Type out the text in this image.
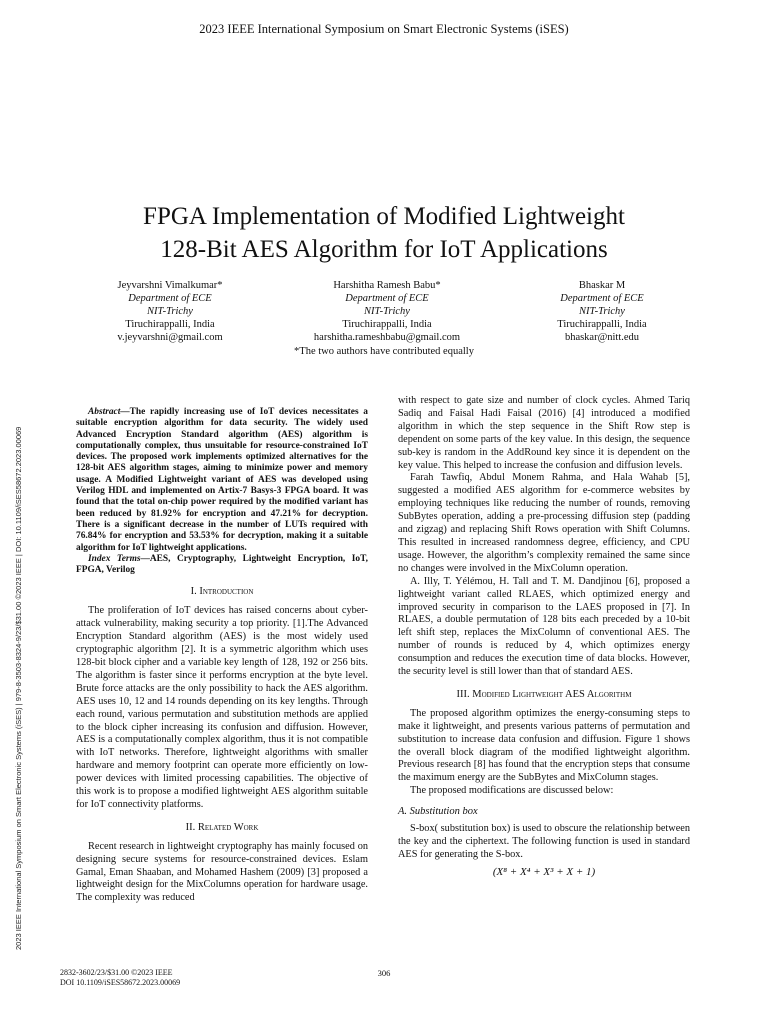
2023 IEEE International Symposium on Smart Electronic Systems (iSES)
FPGA Implementation of Modified Lightweight
128-Bit AES Algorithm for IoT Applications
Jeyvarshni Vimalkumar*
Department of ECE
NIT-Trichy
Tiruchirappalli, India
v.jeyvarshni@gmail.com
Harshitha Ramesh Babu*
Department of ECE
NIT-Trichy
Tiruchirappalli, India
harshitha.rameshbabu@gmail.com
Bhaskar M
Department of ECE
NIT-Trichy
Tiruchirappalli, India
bhaskar@nitt.edu
*The two authors have contributed equally
2023 IEEE International Symposium on Smart Electronic Systems (iSES) | 979-8-3503-8324-9/23/$31.00 ©2023 IEEE | DOI: 10.1109/iSES58672.2023.00069

Abstract—The rapidly increasing use of IoT devices necessitates a suitable encryption algorithm for data security. The widely used Advanced Encryption Standard algorithm (AES) algorithm is computationally complex, thus unsuitable for resource-constrained IoT devices. The proposed work implements optimized alternatives for the 128-bit AES algorithm stages, aiming to minimize power and memory usage. A Modified Lightweight variant of AES was developed using Verilog HDL and implemented on Artix-7 Basys-3 FPGA board. It was found that the total on-chip power required by the modified variant has been reduced by 81.92% for encryption and 47.21% for decryption. There is a significant decrease in the number of LUTs required with 76.84% for encryption and 53.53% for decryption, making it a suitable algorithm for IoT lightweight applications.

Index Terms—AES, Cryptography, Lightweight Encryption, IoT, FPGA, Verilog

I. Introduction

The proliferation of IoT devices has raised concerns about cyber-attack vulnerability, making security a top priority. [1].The Advanced Encryption Standard algorithm (AES) is the most widely used cryptographic algorithm [2]. It is a symmetric algorithm which uses 128-bit block cipher and a variable key length of 128, 192 or 256 bits. The algorithm is faster since it performs encryption at the byte level. Brute force attacks are the only possibility to hack the AES algorithm. AES uses 10, 12 and 14 rounds depending on its key lengths. Through each round, various permutation and substitution methods are applied to the block cipher increasing its confusion and diffusion. However, AES is a computationally complex algorithm, thus it is not compatible with IoT networks. Therefore, lightweight algorithms with smaller hardware and memory footprint can operate more efficiently on low-power devices with limited processing capabilities. The objective of this work is to propose a modified lightweight AES algorithm suitable for IoT connectivity platforms.

II. Related Work

Recent research in lightweight cryptography has mainly focused on designing secure systems for resource-constrained devices. Eslam Gamal, Eman Shaaban, and Mohamed Hashem (2009) [3] proposed a lightweight design for the MixColumns operation for hardware usage. The complexity was reduced

with respect to gate size and number of clock cycles. Ahmed Tariq Sadiq and Faisal Hadi Faisal (2016) [4] introduced a modified algorithm in which the step sequence in the Shift Row step is dependent on some parts of the key value. In this design, the sequence sub-key is random in the AddRound key since it is dependent on the key value. This helped to increase the confusion and diffusion levels.

Farah Tawfiq, Abdul Monem Rahma, and Hala Wahab [5], suggested a modified AES algorithm for e-commerce websites by employing techniques like reducing the number of rounds, removing SubBytes operation, adding a pre-processing diffusion step (padding and zigzag) and replacing Shift Rows operation with Shift Columns. This resulted in increased randomness degree, efficiency, and CPU usage. However, the algorithm’s complexity remained the same since no changes were involved in the MixColumn operation.

A. Illy, T. Yélémou, H. Tall and T. M. Dandjinou [6], proposed a lightweight variant called RLAES, which optimized energy and improved security in comparison to the LAES proposed in [7]. In RLAES, a double permutation of 128 bits each preceded by a 10-bit left shift step, replaces the MixColumn of conventional AES. The number of rounds is reduced by 4, which optimizes energy consumption and reduces the execution time of data blocks. However, the security level is still lower than that of standard AES.

III. Modified Lightweight AES Algorithm

The proposed algorithm optimizes the energy-consuming steps to make it lightweight, and presents various patterns of permutation and substitution to increase data confusion and diffusion. Figure 1 shows the overall block diagram of the modified lightweight algorithm. Previous research [8] has found that the encryption steps that consume the maximum energy are the SubBytes and MixColumn stages.

The proposed modifications are discussed below:

A. Substitution box

S-box( substitution box) is used to obscure the relationship between the key and the ciphertext. The following function is used in standard AES for generating the S-box.

(X⁸ + X⁴ + X³ + X + 1)
2832-3602/23/$31.00 ©2023 IEEE
DOI 10.1109/iSES58672.2023.00069
306
